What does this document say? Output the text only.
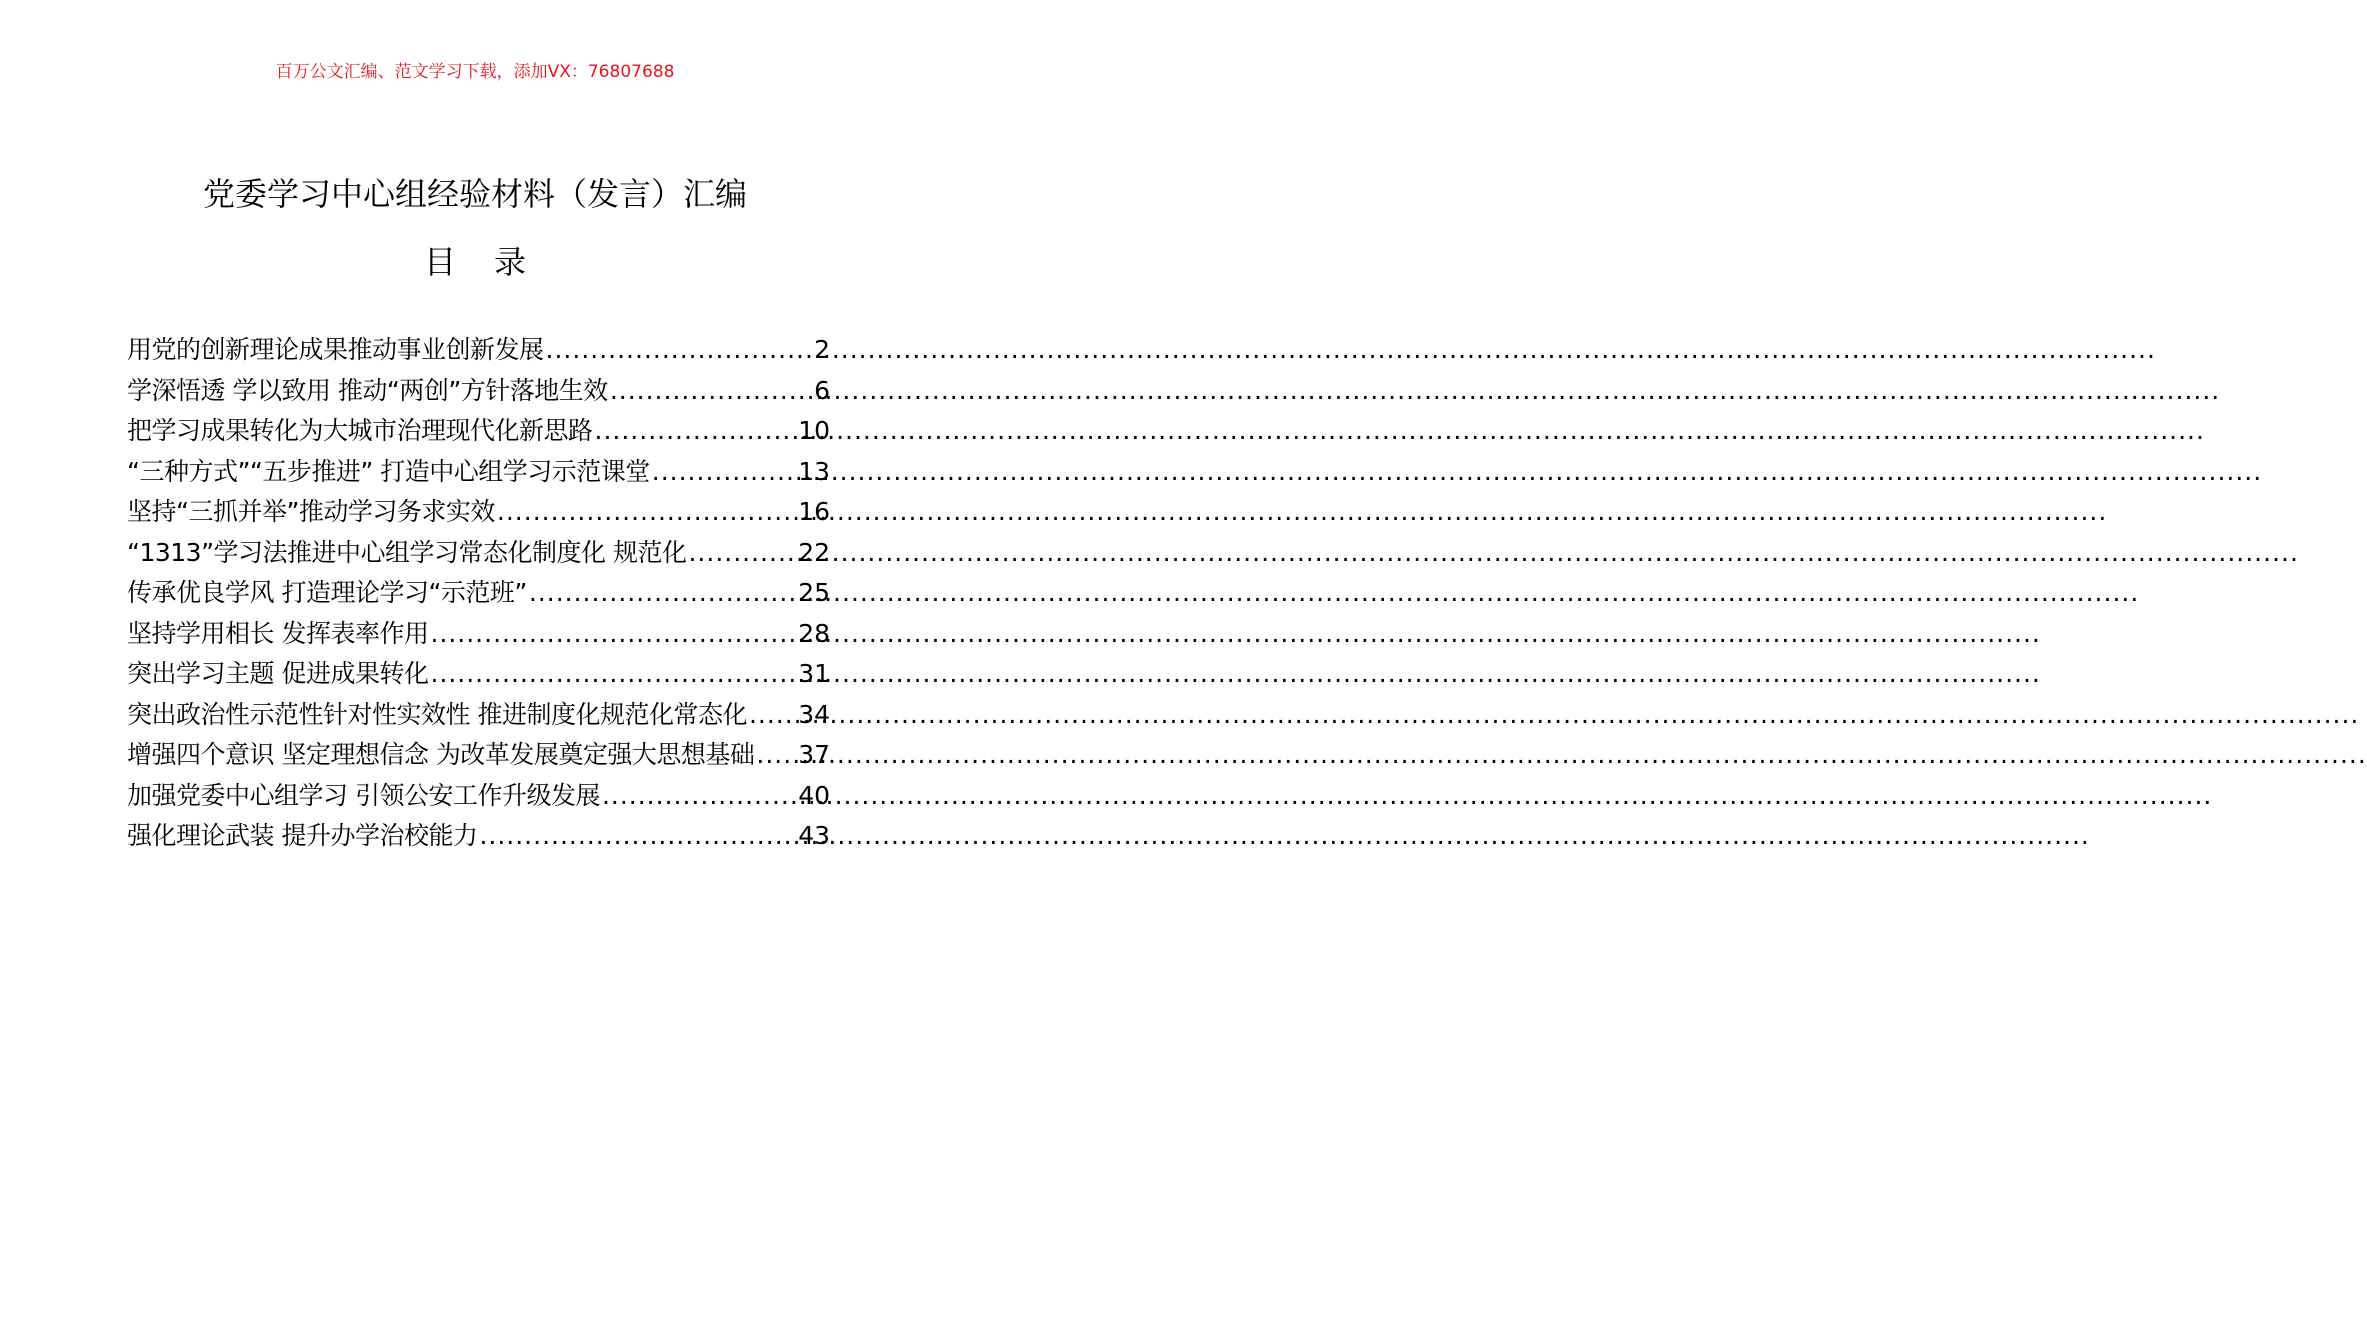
百万公文汇编、范文学习下载，添加VX：76807688
党委学习中心组经验材料（发言）汇编
目录
用党的创新理论成果推动事业创新发展 .....	2
学深悟透 学以致用 推动“两创”方针落地生效 .....	6
把学习成果转化为大城市治理现代化新思路 .....	10
“三种方式”“五步推进” 打造中心组学习示范课堂 .....	13
坚持“三抓并举”推动学习务求实效 .....	16
“1313”学习法推进中心组学习常态化制度化 规范化 .....	22
传承优良学风 打造理论学习“示范班” .....	25
坚持学用相长 发挥表率作用 .....	28
突出学习主题 促进成果转化 .....	31
突出政治性示范性针对性实效性 推进制度化规范化常态化 ..... 34
增强四个意识 坚定理想信念 为改革发展奠定强大思想基础 ..... 37
加强党委中心组学习 引领公安工作升级发展 .....	40
强化理论武装 提升办学治校能力 .....	43
